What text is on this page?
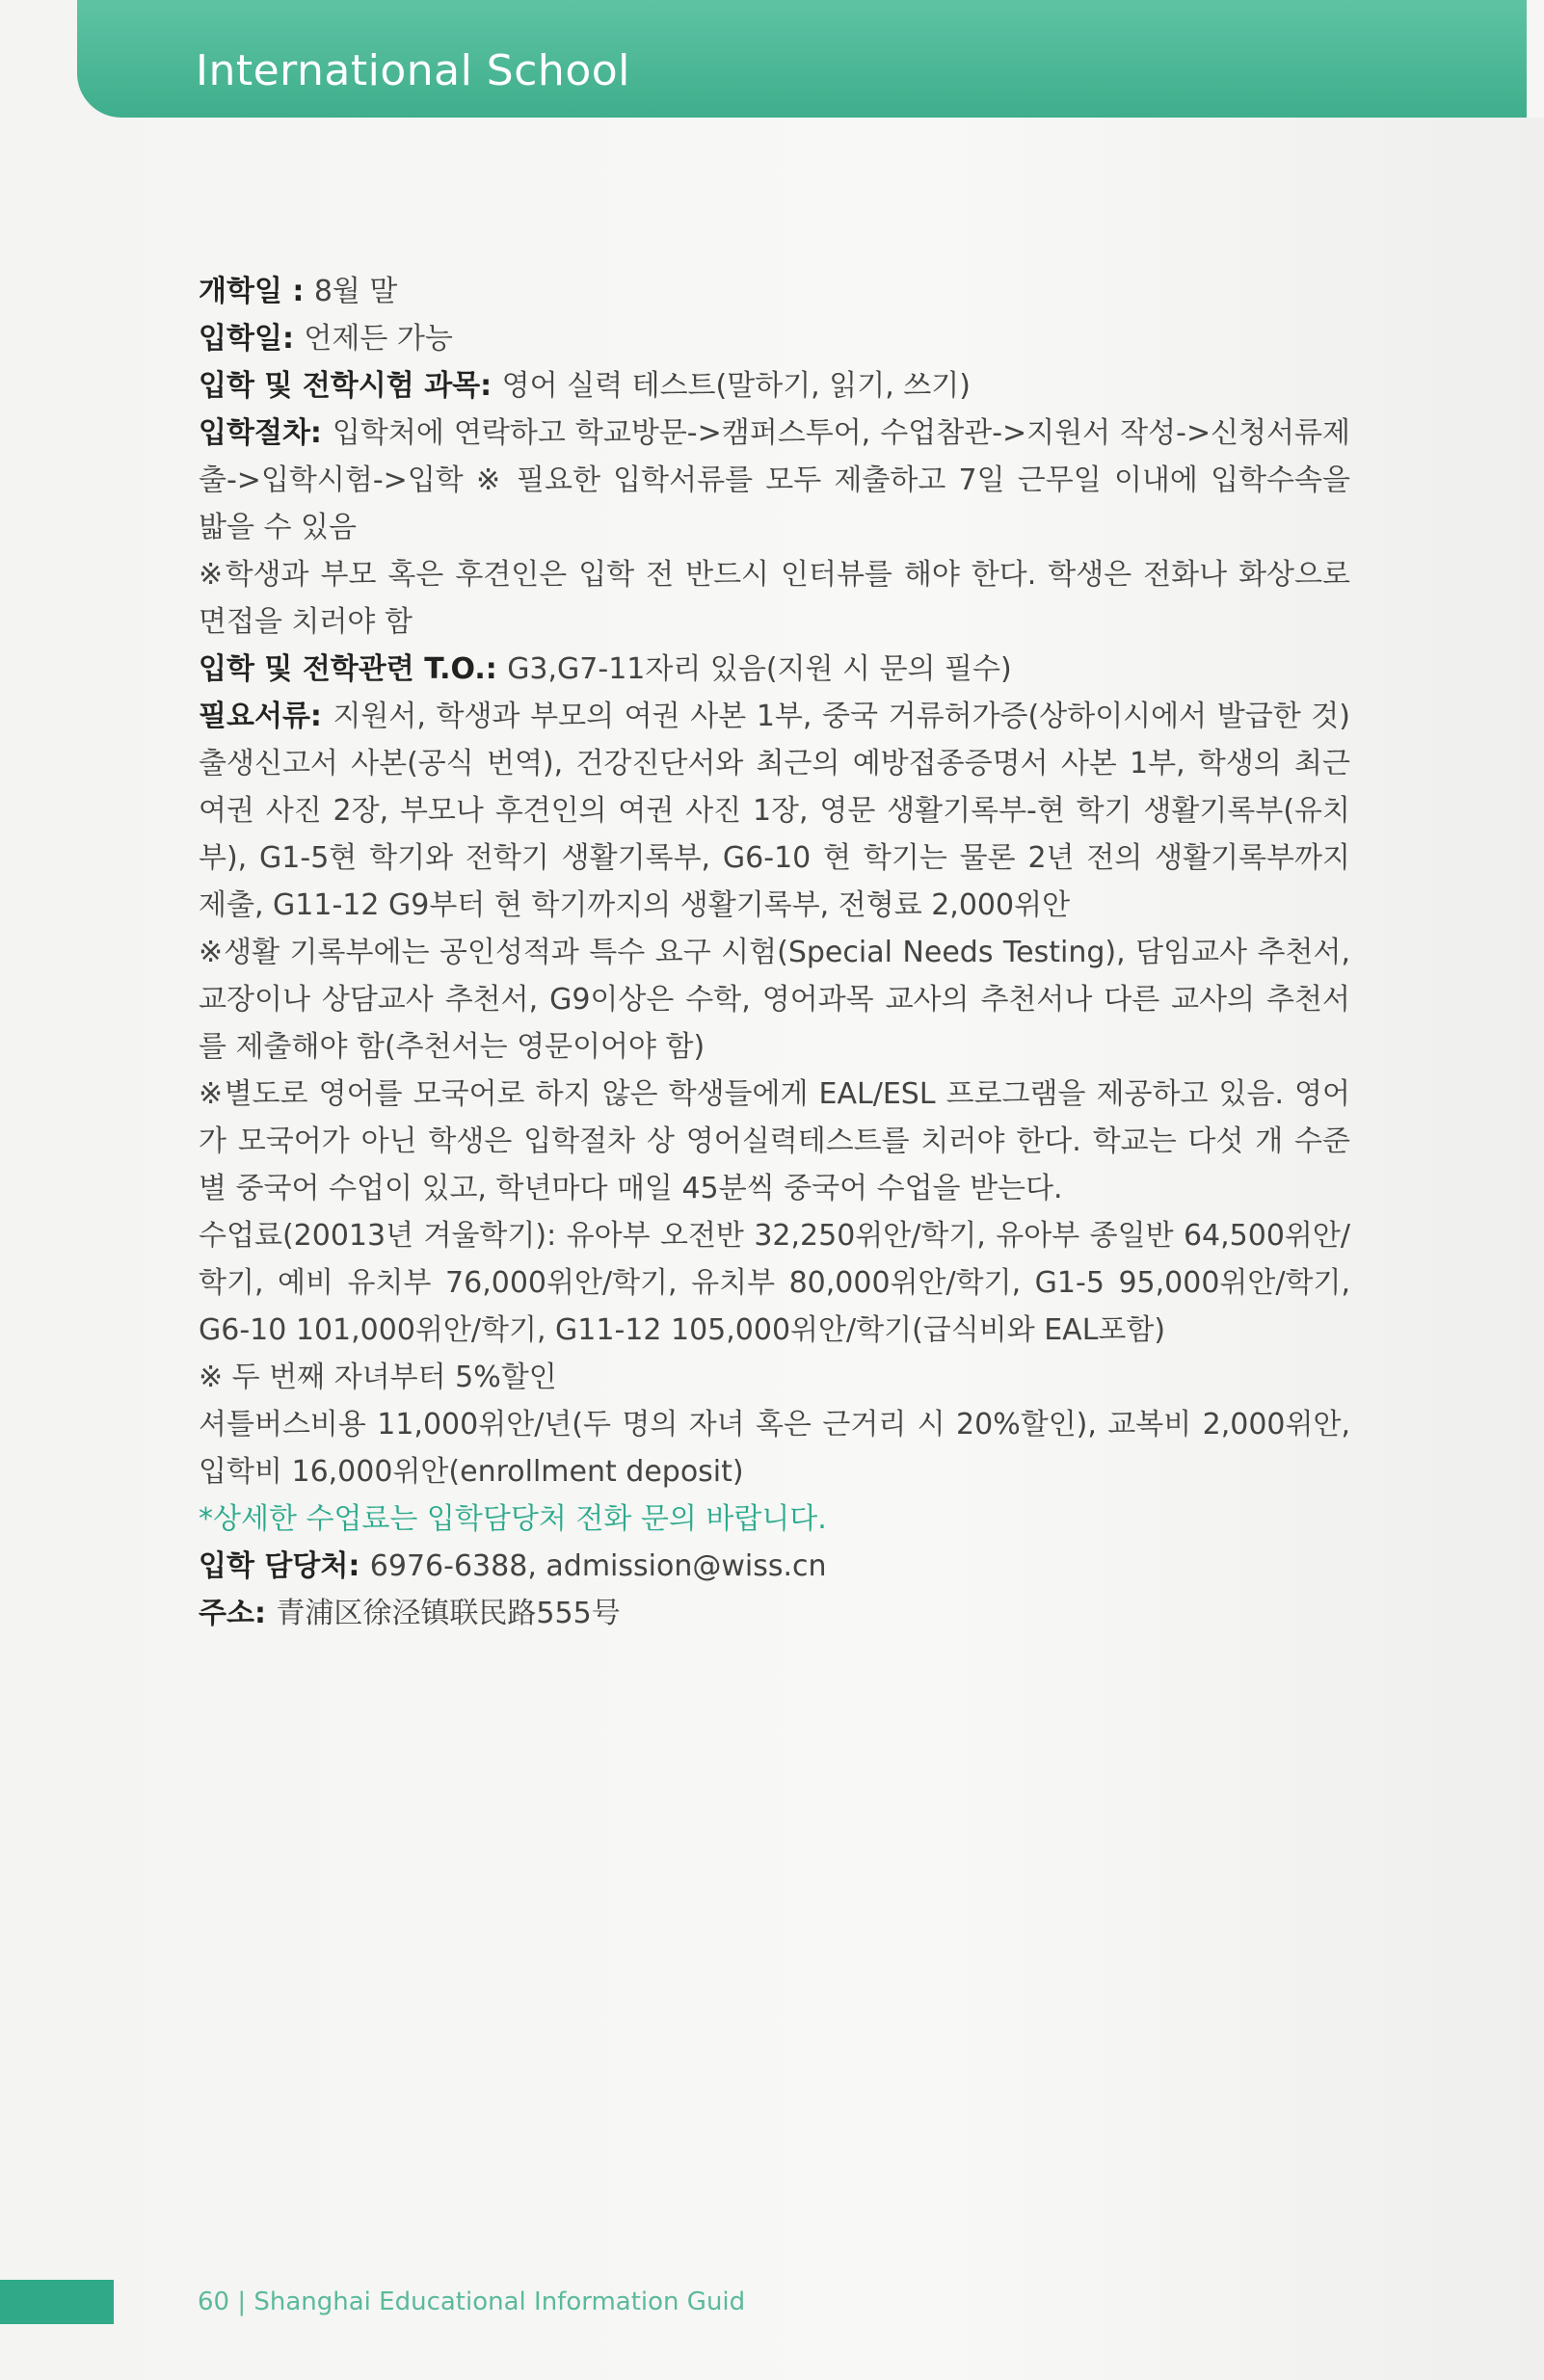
International School

개학일 : 8월 말

입학일: 언제든 가능

입학 및 전학시험 과목: 영어 실력 테스트(말하기, 읽기, 쓰기)

입학절차: 입학처에 연락하고 학교방문->캠퍼스투어, 수업참관->지원서 작성->신청서류제출->입학시험->입학 ※ 필요한 입학서류를 모두 제출하고 7일 근무일 이내에 입학수속을 밟을 수 있음

※학생과 부모 혹은 후견인은 입학 전 반드시 인터뷰를 해야 한다. 학생은 전화나 화상으로 면접을 치러야 함

입학 및 전학관련 T.O.: G3,G7-11자리 있음(지원 시 문의 필수)

필요서류: 지원서, 학생과 부모의 여권 사본 1부, 중국 거류허가증(상하이시에서 발급한 것) 출생신고서 사본(공식 번역), 건강진단서와 최근의 예방접종증명서 사본 1부, 학생의 최근 여권 사진 2장, 부모나 후견인의 여권 사진 1장, 영문 생활기록부-현 학기 생활기록부(유치부), G1-5현 학기와 전학기 생활기록부, G6-10 현 학기는 물론 2년 전의 생활기록부까지 제출, G11-12 G9부터 현 학기까지의 생활기록부, 전형료 2,000위안

※생활 기록부에는 공인성적과 특수 요구 시험(Special Needs Testing), 담임교사 추천서, 교장이나 상담교사 추천서, G9이상은 수학, 영어과목 교사의 추천서나 다른 교사의 추천서를 제출해야 함(추천서는 영문이어야 함)

※별도로 영어를 모국어로 하지 않은 학생들에게 EAL/ESL 프로그램을 제공하고 있음. 영어가 모국어가 아닌 학생은 입학절차 상 영어실력테스트를 치러야 한다. 학교는 다섯 개 수준별 중국어 수업이 있고, 학년마다 매일 45분씩 중국어 수업을 받는다.

수업료(20013년 겨울학기): 유아부 오전반 32,250위안/학기, 유아부 종일반 64,500위안/학기, 예비 유치부 76,000위안/학기, 유치부 80,000위안/학기, G1-5 95,000위안/학기, G6-10 101,000위안/학기, G11-12 105,000위안/학기(급식비와 EAL포함)

※ 두 번째 자녀부터 5%할인

셔틀버스비용 11,000위안/년(두 명의 자녀 혹은 근거리 시 20%할인), 교복비 2,000위안, 입학비 16,000위안(enrollment deposit)

*상세한 수업료는 입학담당처 전화 문의 바랍니다.

입학 담당처: 6976-6388, admission@wiss.cn

주소: 青浦区徐泾镇联民路555号

60 | Shanghai Educational Information Guid
